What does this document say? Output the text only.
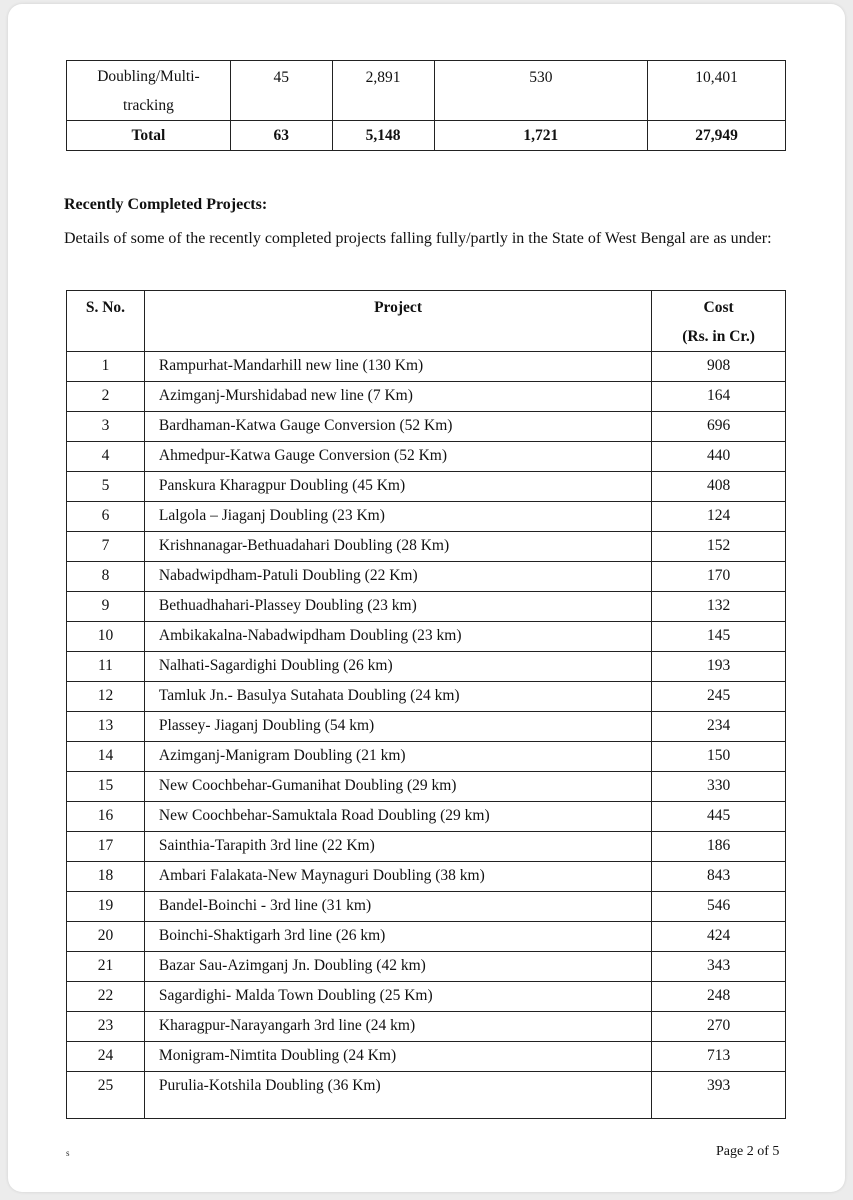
Doubling/Multi-
tracking	45	2,891	530	10,401
Total	63	5,148	1,721	27,949
Recently Completed Projects:
Details of some of the recently completed projects falling fully/partly in the State of West Bengal are as under:
S. No.	Project	Cost
(Rs. in Cr.)
1	Rampurhat-Mandarhill new line (130 Km)	908
2	Azimganj-Murshidabad new line (7 Km)	164
3	Bardhaman-Katwa Gauge Conversion (52 Km)	696
4	Ahmedpur-Katwa Gauge Conversion (52 Km)	440
5	Panskura Kharagpur Doubling (45 Km)	408
6	Lalgola – Jiaganj Doubling (23 Km)	124
7	Krishnanagar-Bethuadahari Doubling (28 Km)	152
8	Nabadwipdham-Patuli Doubling (22 Km)	170
9	Bethuadhahari-Plassey Doubling (23 km)	132
10	Ambikakalna-Nabadwipdham Doubling (23 km)	145
11	Nalhati-Sagardighi Doubling (26 km)	193
12	Tamluk Jn.- Basulya Sutahata Doubling (24 km)	245
13	Plassey- Jiaganj Doubling (54 km)	234
14	Azimganj-Manigram Doubling (21 km)	150
15	New Coochbehar-Gumanihat Doubling (29 km)	330
16	New Coochbehar-Samuktala Road Doubling (29 km)	445
17	Sainthia-Tarapith 3rd line (22 Km)	186
18	Ambari Falakata-New Maynaguri Doubling (38 km)	843
19	Bandel-Boinchi - 3rd line (31 km)	546
20	Boinchi-Shaktigarh 3rd line (26 km)	424
21	Bazar Sau-Azimganj Jn. Doubling (42 km)	343
22	Sagardighi- Malda Town Doubling (25 Km)	248
23	Kharagpur-Narayangarh 3rd line (24 km)	270
24	Monigram-Nimtita Doubling (24 Km)	713
25	Purulia-Kotshila Doubling (36 Km)	393
s	Page 2 of 5
